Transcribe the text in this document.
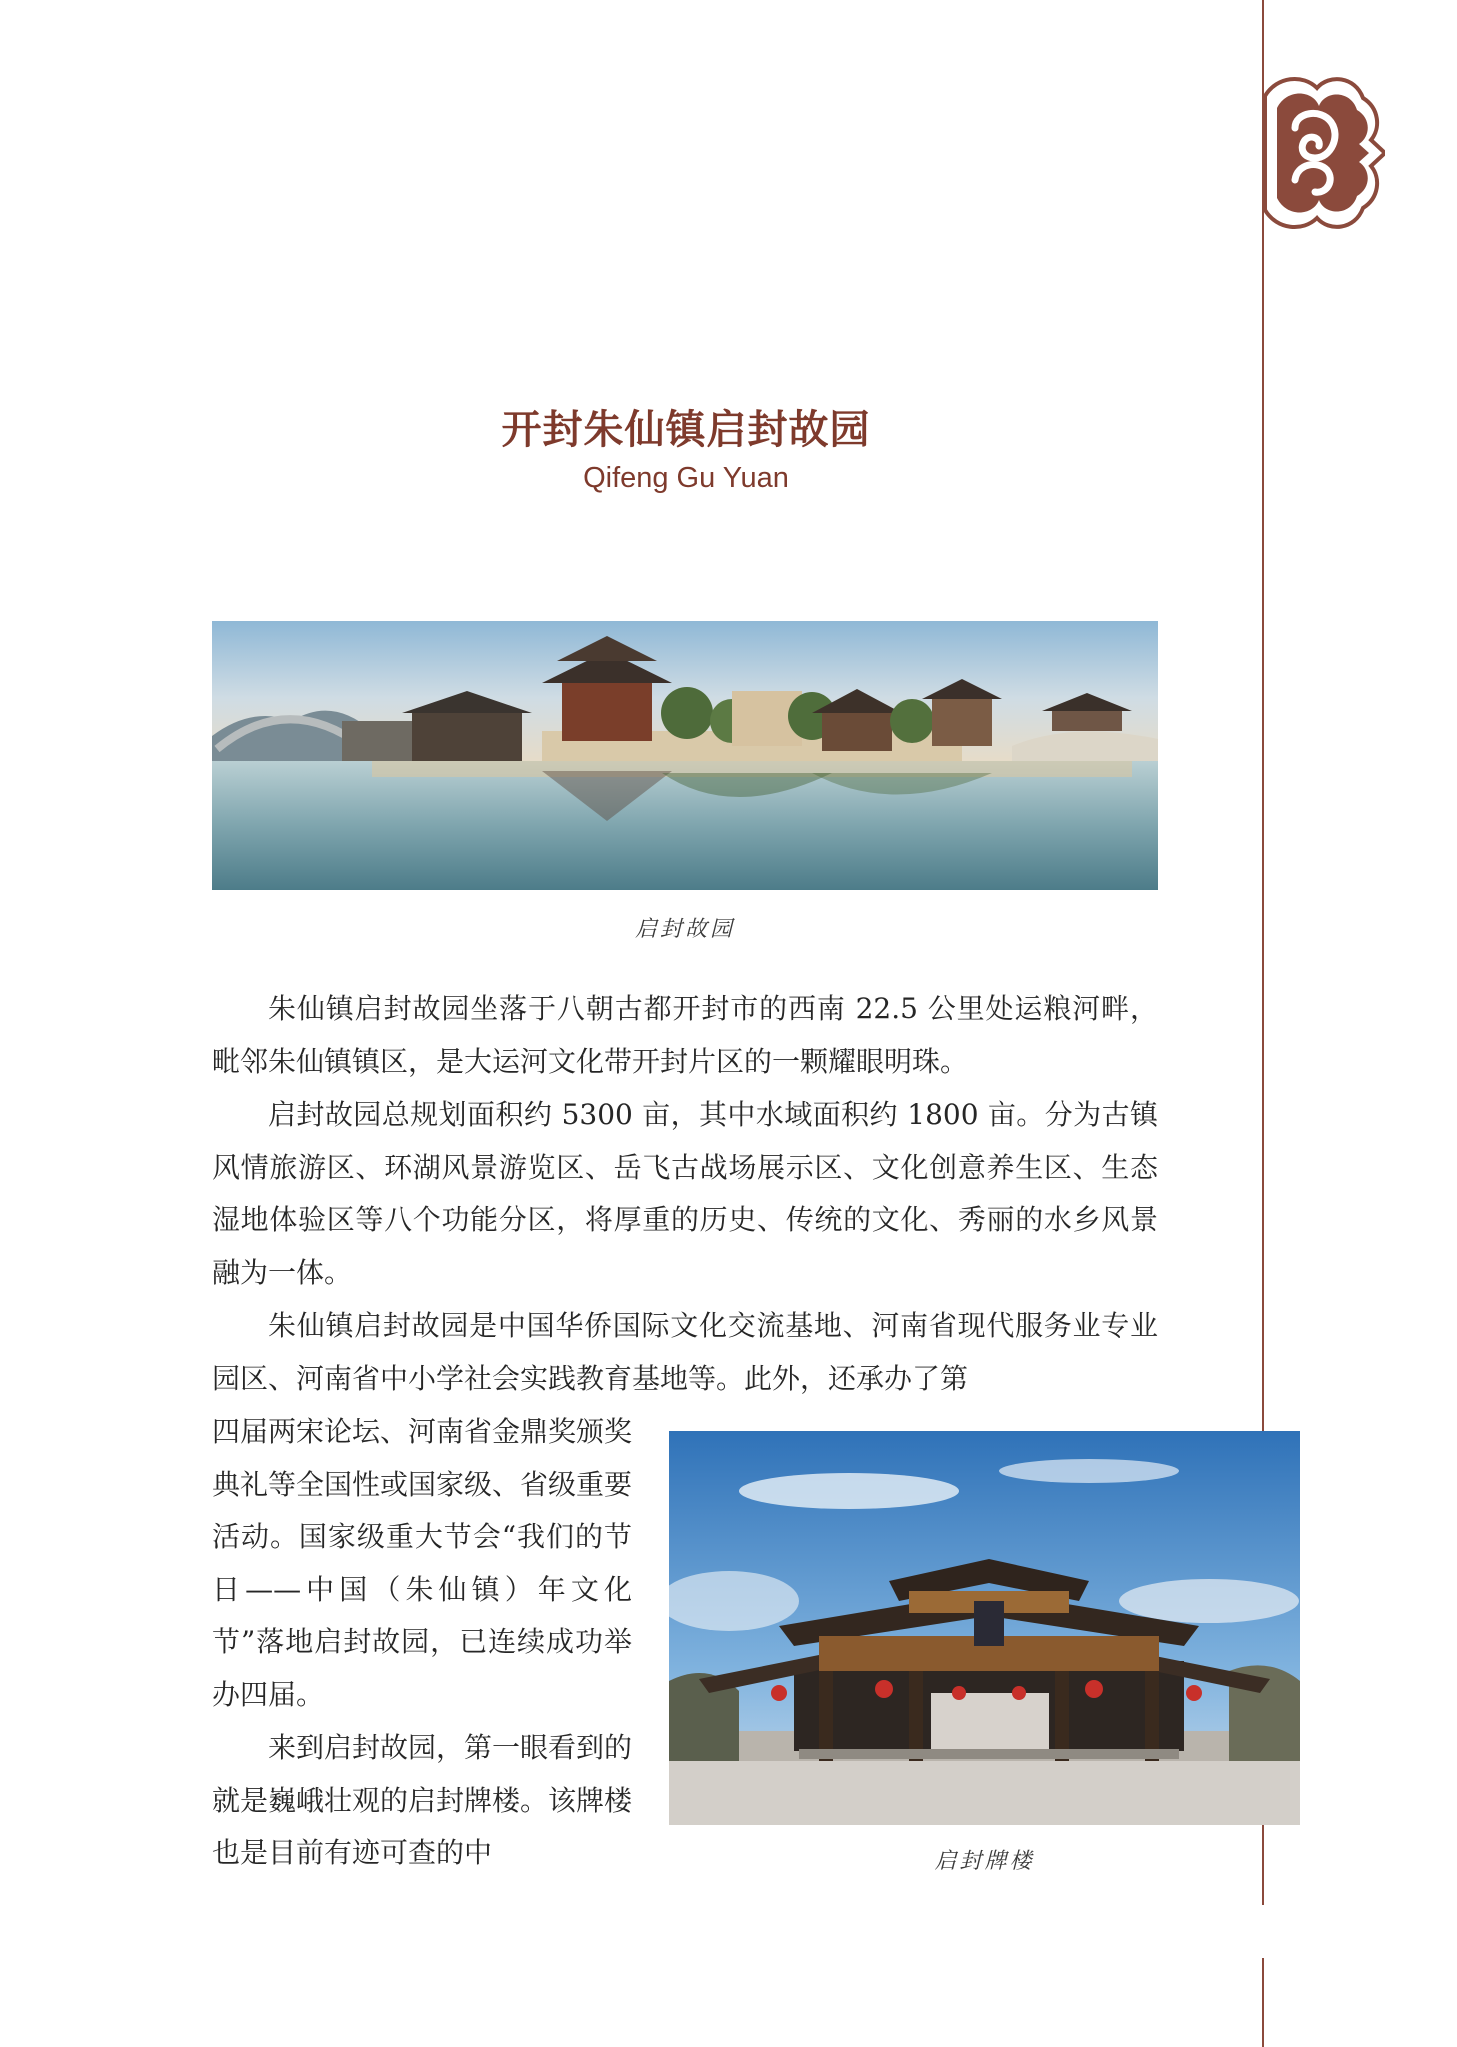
开封朱仙镇启封故园
Qifeng Gu Yuan
启封故园

朱仙镇启封故园坐落于八朝古都开封市的西南 22.5 公里处运粮河畔，毗邻朱仙镇镇区，是大运河文化带开封片区的一颗耀眼明珠。

启封故园总规划面积约 5300 亩，其中水域面积约 1800 亩。分为古镇风情旅游区、环湖风景游览区、岳飞古战场展示区、文化创意养生区、生态湿地体验区等八个功能分区，将厚重的历史、传统的文化、秀丽的水乡风景融为一体。

朱仙镇启封故园是中国华侨国际文化交流基地、河南省现代服务业专业园区、河南省中小学社会实践教育基地等。此外，还承办了第

四届两宋论坛、河南省金鼎奖颁奖典礼等全国性或国家级、省级重要活动。国家级重大节会“我们的节日——中国（朱仙镇）年文化节”落地启封故园，已连续成功举办四届。

来到启封故园，第一眼看到的就是巍峨壮观的启封牌楼。该牌楼也是目前有迹可查的中	启封牌楼
